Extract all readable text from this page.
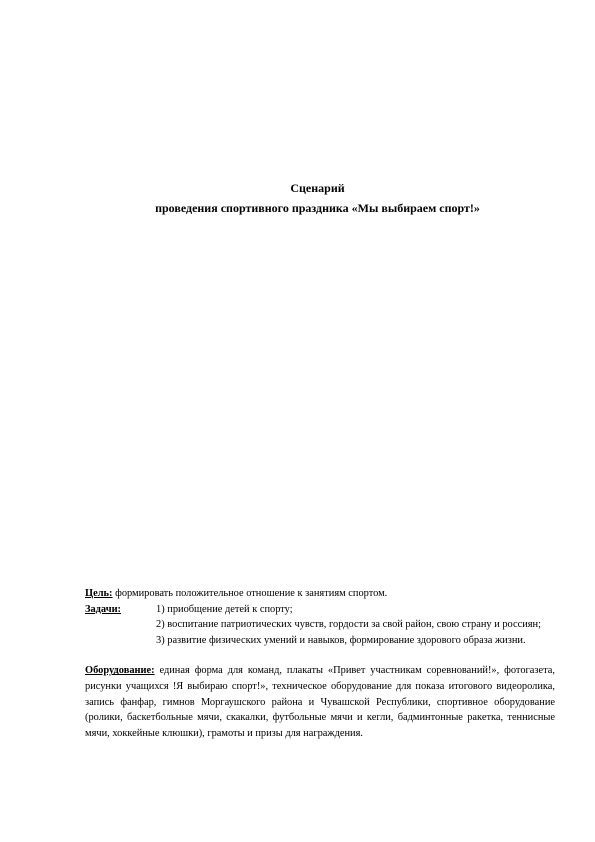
Сценарий
проведения спортивного праздника «Мы выбираем спорт!»
Цель: формировать положительное отношение к занятиям спортом.
Задачи:	1) приобщение детей к спорту;
2) воспитание патриотических чувств, гордости за свой район, свою страну и россиян;
3) развитие физических умений и навыков, формирование здорового образа жизни.
Оборудование: единая форма для команд, плакаты «Привет участникам соревнований!», фотогазета, рисунки учащихся !Я выбираю спорт!», техническое оборудование для показа итогового видеоролика, запись фанфар, гимнов Моргаушского района и Чувашской Республики, спортивное оборудование (ролики, баскетбольные мячи, скакалки, футбольные мячи и кегли, бадминтонные ракетка, теннисные мячи, хоккейные клюшки), грамоты и призы для награждения.
